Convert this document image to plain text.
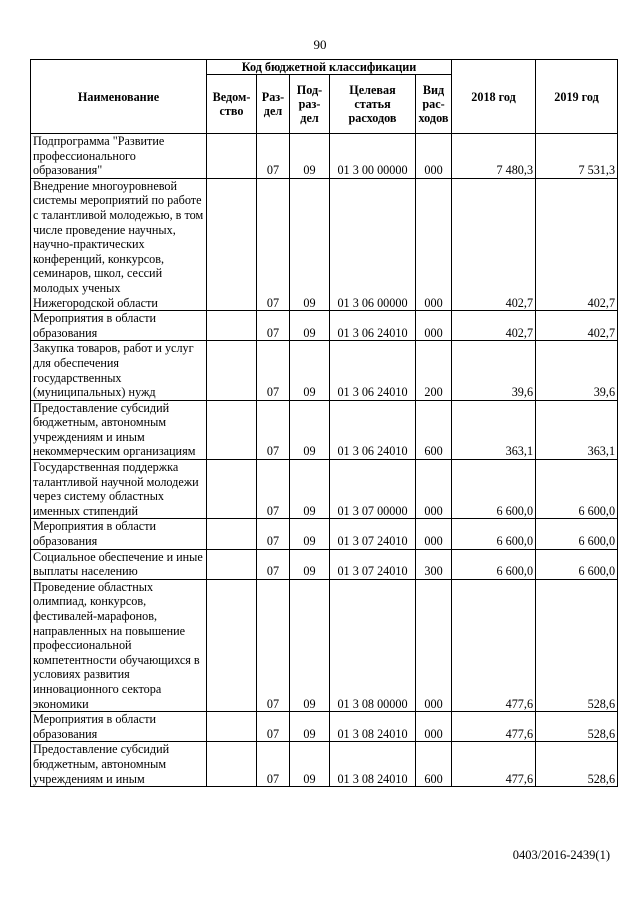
90
Наименование	Код бюджетной классификации					2018 год	2019 год
	Ведом-ство	Раз-дел	Под-раз-дел	Целевая статья расходов	Вид рас-ходов		
Подпрограмма "Развитие профессионального образования"		07	09	01 3 00 00000	000	7 480,3	7 531,3
Внедрение многоуровневой системы мероприятий по работе с талантливой молодежью, в том числе проведение научных, научно-практических конференций, конкурсов, семинаров, школ, сессий молодых ученых Нижегородской области		07	09	01 3 06 00000	000	402,7	402,7
Мероприятия в области образования		07	09	01 3 06 24010	000	402,7	402,7
Закупка товаров, работ и услуг для обеспечения государственных (муниципальных) нужд		07	09	01 3 06 24010	200	39,6	39,6
Предоставление субсидий бюджетным, автономным учреждениям и иным некоммерческим организациям		07	09	01 3 06 24010	600	363,1	363,1
Государственная поддержка талантливой научной молодежи через систему областных именных стипендий		07	09	01 3 07 00000	000	6 600,0	6 600,0
Мероприятия в области образования		07	09	01 3 07 24010	000	6 600,0	6 600,0
Социальное обеспечение и иные выплаты населению		07	09	01 3 07 24010	300	6 600,0	6 600,0
Проведение областных олимпиад, конкурсов, фестивалей-марафонов, направленных на повышение профессиональной компетентности обучающихся в условиях развития инновационного сектора экономики		07	09	01 3 08 00000	000	477,6	528,6
Мероприятия в области образования		07	09	01 3 08 24010	000	477,6	528,6
Предоставление субсидий бюджетным, автономным учреждениям и иным		07	09	01 3 08 24010	600	477,6	528,6
0403/2016-2439(1)
